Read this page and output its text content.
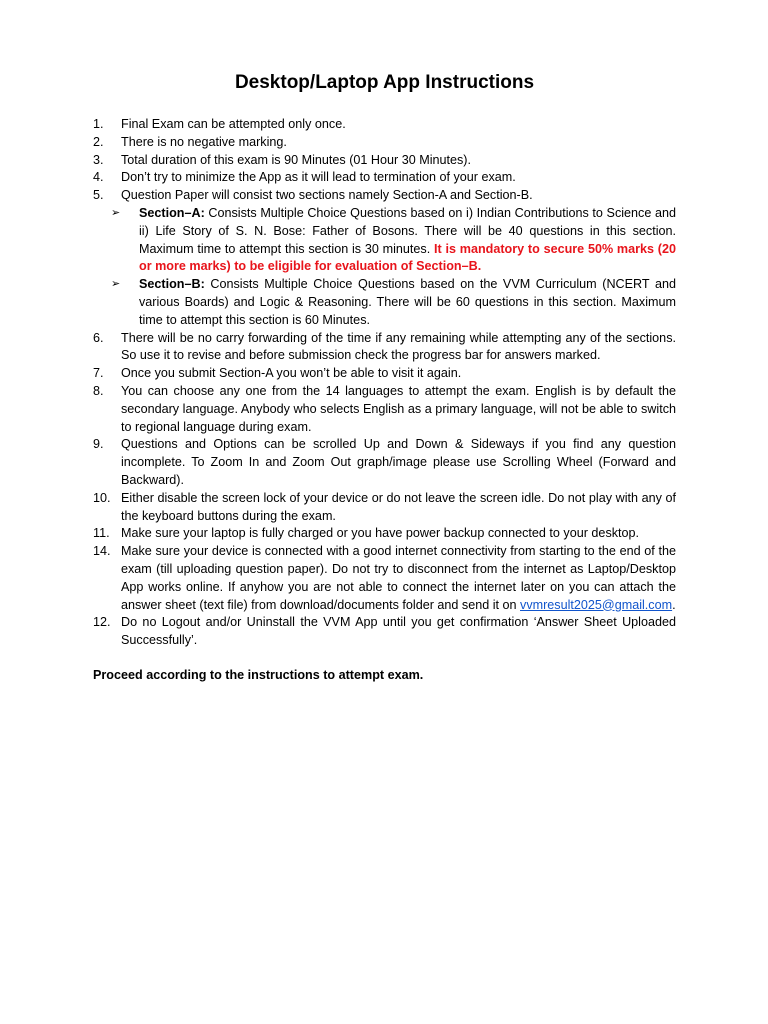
Desktop/Laptop App Instructions
1.	Final Exam can be attempted only once.
2.	There is no negative marking.
3.	Total duration of this exam is 90 Minutes (01 Hour 30 Minutes).
4.	Don’t try to minimize the App as it will lead to termination of your exam.
5.	Question Paper will consist two sections namely Section-A and Section-B.
➢	Section–A: Consists Multiple Choice Questions based on i) Indian Contributions to Science and ii) Life Story of S. N. Bose: Father of Bosons. There will be 40 questions in this section. Maximum time to attempt this section is 30 minutes. It is mandatory to secure 50% marks (20 or more marks) to be eligible for evaluation of Section–B.
➢	Section–B: Consists Multiple Choice Questions based on the VVM Curriculum (NCERT and various Boards) and Logic & Reasoning. There will be 60 questions in this section. Maximum time to attempt this section is 60 Minutes.
6.	There will be no carry forwarding of the time if any remaining while attempting any of the sections. So use it to revise and before submission check the progress bar for answers marked.
7.	Once you submit Section-A you won’t be able to visit it again.
8.	You can choose any one from the 14 languages to attempt the exam. English is by default the secondary language. Anybody who selects English as a primary language, will not be able to switch to regional language during exam.
9.	Questions and Options can be scrolled Up and Down & Sideways if you find any question incomplete. To Zoom In and Zoom Out graph/image please use Scrolling Wheel (Forward and Backward).
10. Either disable the screen lock of your device or do not leave the screen idle. Do not play with any of the keyboard buttons during the exam.
11. Make sure your laptop is fully charged or you have power backup connected to your desktop.
14. Make sure your device is connected with a good internet connectivity from starting to the end of the exam (till uploading question paper). Do not try to disconnect from the internet as Laptop/Desktop App works online. If anyhow you are not able to connect the internet later on you can attach the answer sheet (text file) from download/documents folder and send it on vvmresult2025@gmail.com.
12. Do no Logout and/or Uninstall the VVM App until you get confirmation ‘Answer Sheet Uploaded Successfully’.
Proceed according to the instructions to attempt exam.
